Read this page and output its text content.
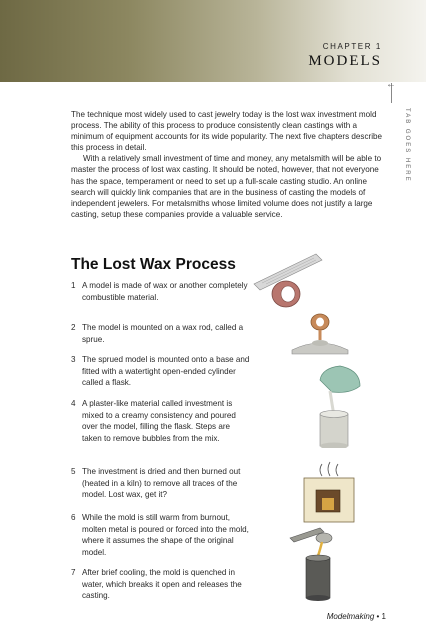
CHAPTER 1
MODELS
←
TAB GOES HERE

The technique most widely used to cast jewelry today is the lost wax investment mold process. The ability of this process to produce consistently clean castings with a minimum of equipment accounts for its wide popularity. The next five chapters describe this process in detail.

With a relatively small investment of time and money, any metalsmith will be able to master the process of lost wax casting. It should be noted, however, that not everyone has the space, temperament or need to set up a full-scale casting studio. An online search will quickly link companies that are in the business of casting the models of independent jewelers. For metalsmiths whose limited volume does not justify a large casting, setup these companies provide a valuable service.

The Lost Wax Process
1 A model is made of wax or another completely combustible material.
2 The model is mounted on a wax rod, called a sprue.
3 The sprued model is mounted onto a base and fitted with a watertight open-ended cylinder called a flask.
4 A plaster-like material called investment is mixed to a creamy consistency and poured over the model, filling the flask. Steps are taken to remove bubbles from the mix.
5 The investment is dried and then burned out (heated in a kiln) to remove all traces of the model. Lost wax, get it?
6 While the mold is still warm from burnout, molten metal is poured or forced into the mold, where it assumes the shape of the original model.
7 After brief cooling, the mold is quenched in water, which breaks it open and releases the casting.
Modelmaking • 1
